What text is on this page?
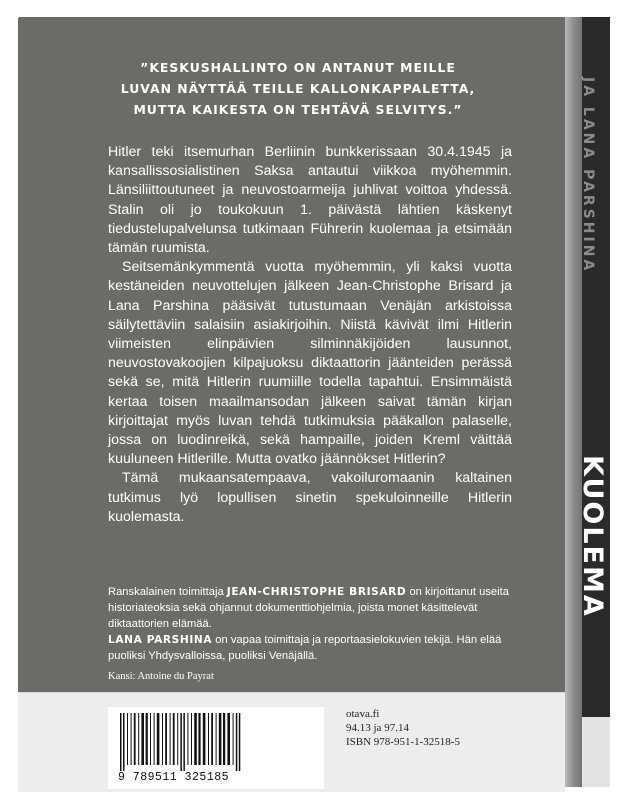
JA LANA PARSHINA
KUOLEMA
”KESKUSHALLINTO ON ANTANUT MEILLE
LUVAN NÄYTTÄÄ TEILLE KALLONKAPPALETTA,
MUTTA KAIKESTA ON TEHTÄVÄ SELVITYS.”

Hitler teki itsemurhan Berliinin bunkkerissaan 30.4.1945 ja kansallissosialistinen Saksa antautui viikkoa myöhemmin. Länsiliittoutuneet ja neuvostoarmeija juhlivat voittoa yhdessä. Stalin oli jo toukokuun 1. päivästä lähtien käskenyt tiedustelupalvelunsa tutkimaan Führerin kuolemaa ja etsimään tämän ruumista.

Seitsemänkymmentä vuotta myöhemmin, yli kaksi vuotta kestäneiden neuvottelujen jälkeen Jean-Christophe Brisard ja Lana Parshina pääsivät tutustumaan Venäjän arkistoissa säilytettäviin salaisiin asiakirjoihin. Niistä kävivät ilmi Hitlerin viimeisten elinpäivien silminnäkijöiden lausunnot, neuvostovakoojien kilpajuoksu diktaattorin jäänteiden perässä sekä se, mitä Hitlerin ruumiille todella tapahtui. Ensimmäistä kertaa toisen maailmansodan jälkeen saivat tämän kirjan kirjoittajat myös luvan tehdä tutkimuksia pääkallon palaselle, jossa on luodinreikä, sekä hampaille, joiden Kreml väittää kuuluneen Hitlerille. Mutta ovatko jäännökset Hitlerin?

Tämä mukaansatempaava, vakoiluromaanin kaltainen tutkimus lyö lopullisen sinetin spekuloinneille Hitlerin kuolemasta.

Ranskalainen toimittaja JEAN-CHRISTOPHE BRISARD on kirjoittanut useita historiateoksia sekä ohjannut dokumenttiohjelmia, joista monet käsittelevät diktaattorien elämää.

LANA PARSHINA on vapaa toimittaja ja reportaasielokuvien tekijä. Hän elää puoliksi Yhdysvalloissa, puoliksi Venäjällä.

Kansi: Antoine du Payrat
9 789511 325185
otava.fi
94.13 ja 97.14
ISBN 978-951-1-32518-5
